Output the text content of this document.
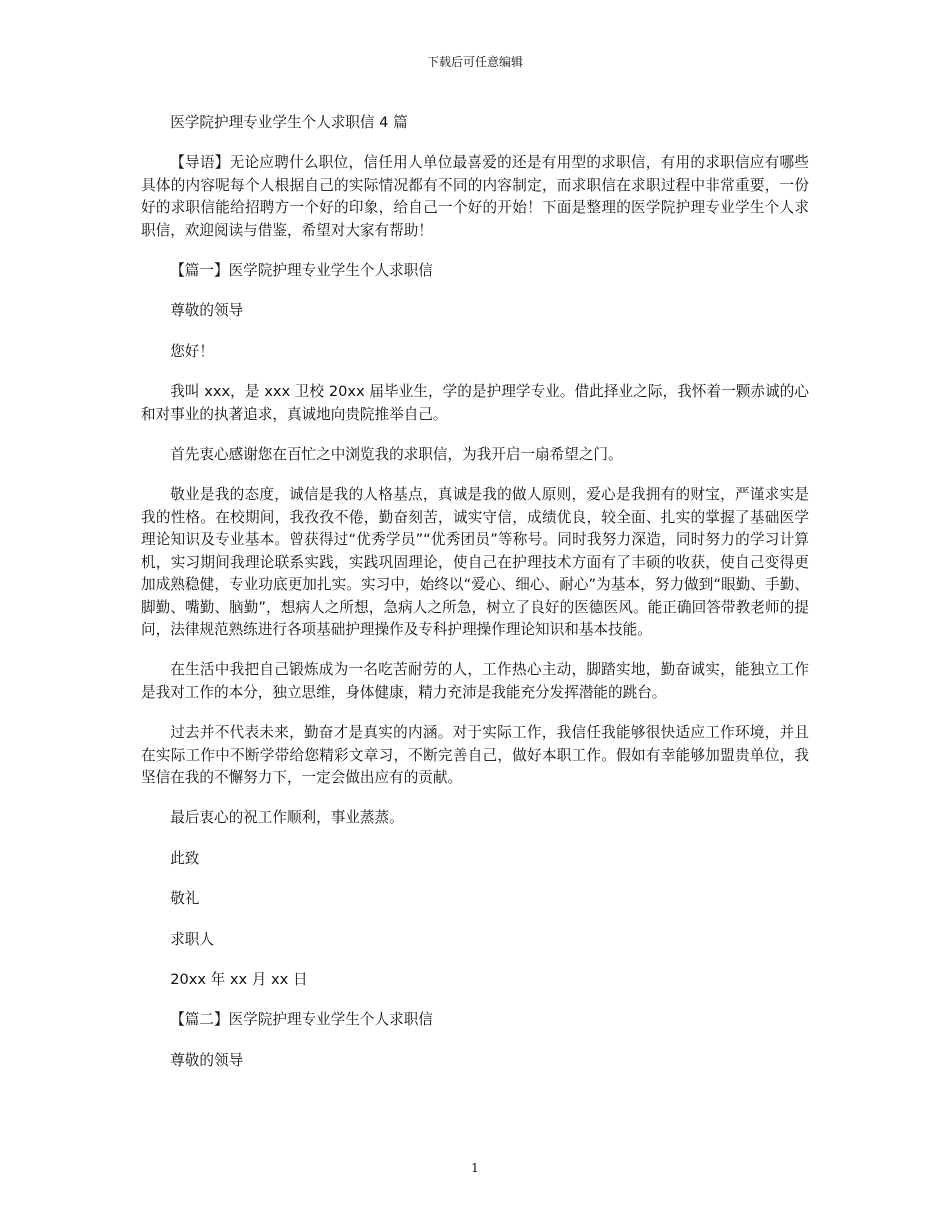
下载后可任意编辑

医学院护理专业学生个人求职信 4 篇

【导语】无论应聘什么职位，信任用人单位最喜爱的还是有用型的求职信，有用的求职信应有哪些具体的内容呢每个人根据自己的实际情况都有不同的内容制定，而求职信在求职过程中非常重要，一份好的求职信能给招聘方一个好的印象，给自己一个好的开始！下面是整理的医学院护理专业学生个人求职信，欢迎阅读与借鉴，希望对大家有帮助！

【篇一】医学院护理专业学生个人求职信

尊敬的领导

您好！

我叫 xxx，是 xxx 卫校 20xx 届毕业生，学的是护理学专业。借此择业之际，我怀着一颗赤诚的心和对事业的执著追求，真诚地向贵院推举自己。

首先衷心感谢您在百忙之中浏览我的求职信，为我开启一扇希望之门。

敬业是我的态度，诚信是我的人格基点，真诚是我的做人原则，爱心是我拥有的财宝，严谨求实是我的性格。在校期间，我孜孜不倦，勤奋刻苦，诚实守信，成绩优良，较全面、扎实的掌握了基础医学理论知识及专业基本。曾获得过“优秀学员”“优秀团员”等称号。同时我努力深造，同时努力的学习计算机，实习期间我理论联系实践，实践巩固理论，使自己在护理技术方面有了丰硕的收获，使自己变得更加成熟稳健，专业功底更加扎实。实习中，始终以“爱心、细心、耐心”为基本，努力做到“眼勤、手勤、脚勤、嘴勤、脑勤”，想病人之所想，急病人之所急，树立了良好的医德医风。能正确回答带教老师的提问，法律规范熟练进行各项基础护理操作及专科护理操作理论知识和基本技能。

在生活中我把自己锻炼成为一名吃苦耐劳的人，工作热心主动，脚踏实地，勤奋诚实，能独立工作是我对工作的本分，独立思维，身体健康，精力充沛是我能充分发挥潜能的跳台。

过去并不代表未来，勤奋才是真实的内涵。对于实际工作，我信任我能够很快适应工作环境，并且在实际工作中不断学带给您精彩文章习，不断完善自己，做好本职工作。假如有幸能够加盟贵单位，我坚信在我的不懈努力下，一定会做出应有的贡献。

最后衷心的祝工作顺利，事业蒸蒸。

此致

敬礼

求职人

20xx 年 xx 月 xx 日

【篇二】医学院护理专业学生个人求职信

尊敬的领导

1
